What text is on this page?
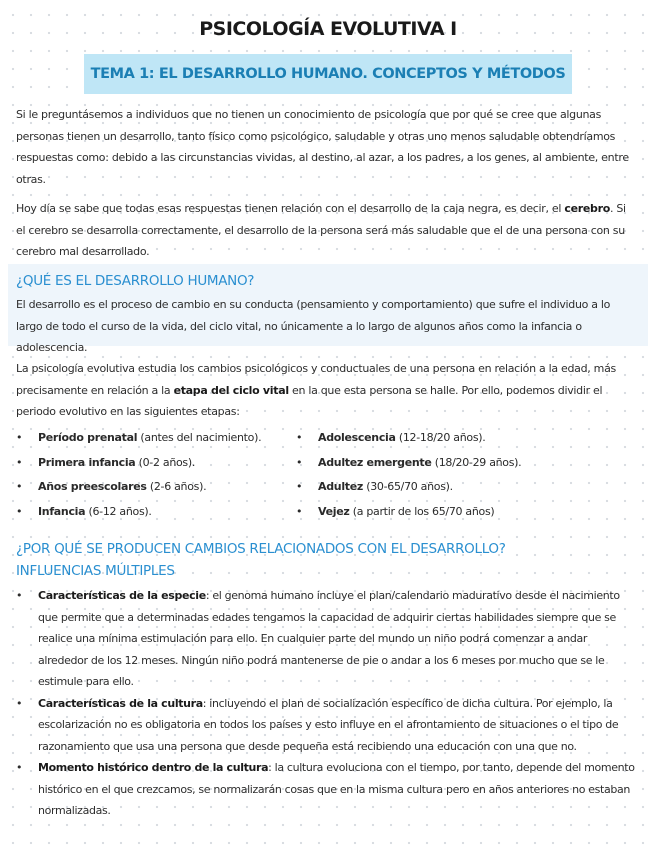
PSICOLOGÍA EVOLUTIVA I
TEMA 1: EL DESARROLLO HUMANO. CONCEPTOS Y MÉTODOS

Si le preguntásemos a individuos que no tienen un conocimiento de psicología que por qué se cree que algunas personas tienen un desarrollo, tanto físico como psicológico, saludable y otras uno menos saludable obtendríamos respuestas como: debido a las circunstancias vividas, al destino, al azar, a los padres, a los genes, al ambiente, entre otras.

Hoy día se sabe que todas esas respuestas tienen relación con el desarrollo de la caja negra, es decir, el cerebro. Si el cerebro se desarrolla correctamente, el desarrollo de la persona será más saludable que el de una persona con su cerebro mal desarrollado.

¿QUÉ ES EL DESARROLLO HUMANO?

El desarrollo es el proceso de cambio en su conducta (pensamiento y comportamiento) que sufre el individuo a lo largo de todo el curso de la vida, del ciclo vital, no únicamente a lo largo de algunos años como la infancia o adolescencia.

La psicología evolutiva estudia los cambios psicológicos y conductuales de una persona en relación a la edad, más precisamente en relación a la etapa del ciclo vital en la que esta persona se halle. Por ello, podemos dividir el periodo evolutivo en las siguientes etapas:

•	Período prenatal (antes del nacimiento).
•	Primera infancia (0-2 años).
•	Años preescolares (2-6 años).
•	Infancia (6-12 años).
•	Adolescencia (12-18/20 años).
•	Adultez emergente (18/20-29 años).
•	Adultez (30-65/70 años).
•	Vejez (a partir de los 65/70 años)
¿POR QUÉ SE PRODUCEN CAMBIOS RELACIONADOS CON EL DESARROLLO?
INFLUENCIAS MÚLTIPLES
•	Características de la especie: el genoma humano incluye el plan/calendario madurativo desde el nacimiento que permite que a determinadas edades tengamos la capacidad de adquirir ciertas habilidades siempre que se realice una mínima estimulación para ello. En cualquier parte del mundo un niño podrá comenzar a andar alrededor de los 12 meses. Ningún niño podrá mantenerse de pie o andar a los 6 meses por mucho que se le estimule para ello.
•	Características de la cultura: incluyendo el plan de socialización específico de dicha cultura. Por ejemplo, la escolarización no es obligatoria en todos los países y esto influye en el afrontamiento de situaciones o el tipo de razonamiento que usa una persona que desde pequeña está recibiendo una educación con una que no.
•	Momento histórico dentro de la cultura: la cultura evoluciona con el tiempo, por tanto, depende del momento histórico en el que crezcamos, se normalizarán cosas que en la misma cultura pero en años anteriores no estaban normalizadas.
